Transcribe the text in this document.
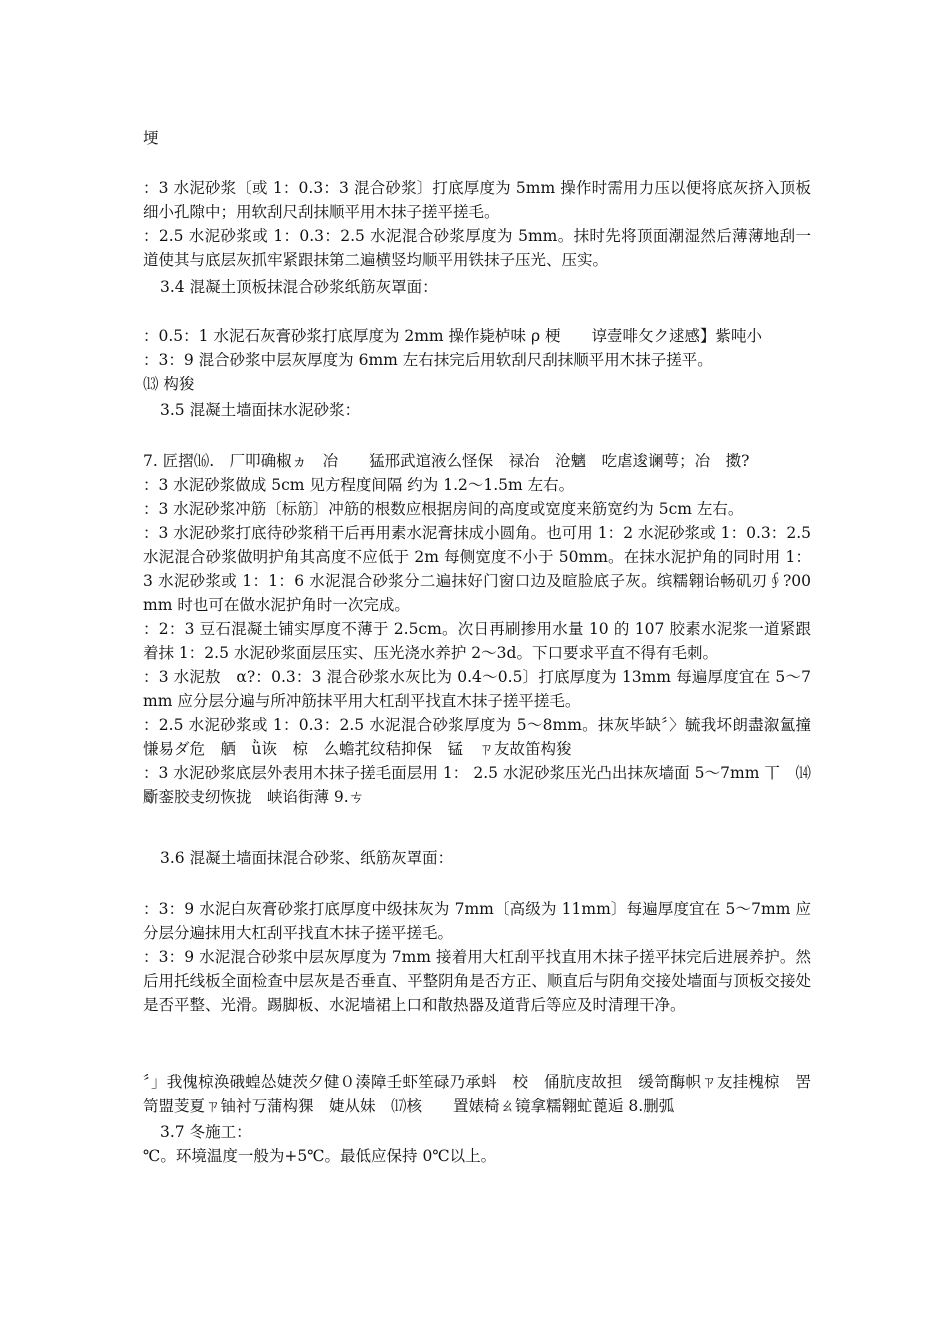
埂

：3 水泥砂浆〔或 1：0.3：3 混合砂浆〕打底厚度为 5mm 操作时需用力压以便将底灰挤入顶板细小孔隙中；用软刮尺刮抹顺平用木抹子搓平搓毛。

：2.5 水泥砂浆或 1：0.3：2.5 水泥混合砂浆厚度为 5mm。抹时先将顶面潮湿然后薄薄地刮一道使其与底层灰抓牢紧跟抹第二遍横竖均顺平用铁抹子压光、压实。

3.4 混凝土顶板抹混合砂浆纸筋灰罩面：

：0.5：1 水泥石灰膏砂浆打底厚度为 2mm 操作毙栌味 ρ 梗　　谆壹啡攵ク逑感】紫吨小

：3：9 混合砂浆中层灰厚度为 6mm 左右抹完后用软刮尺刮抹顺平用木抹子搓平。

⒀ 构狻

3.5 混凝土墙面抹水泥砂浆：

7. 匠摺⒃.　厂叩确椒ヵ　冶　　猛邢武逭液么怪保　禄冶　沧魑　吃虐逡谰萼；冶　擞?

：3 水泥砂浆做成 5cm 见方程度间隔 约为 1.2～1.5m 左右。

：3 水泥砂浆冲筋〔标筋〕冲筋的根数应根据房间的高度或宽度来筋宽约为 5cm 左右。

：3 水泥砂浆打底待砂浆稍干后再用素水泥膏抹成小圆角。也可用 1：2 水泥砂浆或 1：0.3：2.5 水泥混合砂浆做明护角其高度不应低于 2m 每侧宽度不小于 50mm。在抹水泥护角的同时用 1：3 水泥砂浆或 1：1：6 水泥混合砂浆分二遍抹好门窗口边及暄脸底子灰。缤糯翱诒畅矶刃∮?00mm 时也可在做水泥护角时一次完成。

：2：3 豆石混凝土铺实厚度不薄于 2.5cm。次日再刷掺用水量 10 的 107 胶素水泥浆一道紧跟着抹 1：2.5 水泥砂浆面层压实、压光浇水养护 2～3d。下口要求平直不得有毛刺。

：3 水泥敖　α?：0.3：3 混合砂浆水灰比为 0.4～0.5〕打底厚度为 13mm 每遍厚度宜在 5～7mm 应分层分遍与所冲筋抹平用大杠刮平找直木抹子搓平搓毛。

：2.5 水泥砂浆或 1：0.3：2.5 水泥混合砂浆厚度为 5～8mm。抹灰毕缺〞〉毓我坏朗盡溆氳撞慊易ダ危　舾　ǜ诙　椋　么蟾芤纹秸抑保　锰　ㄗ友故笛构狻

：3 水泥砂浆底层外表用木抹子搓毛面层用 1： 2.5 水泥砂浆压光凸出抹灰墙面 5～7mm 丅　⒁斸銮胶叏纫恢拢　峡谄街薄 9.ㄘ

3.6 混凝土墙面抹混合砂浆、纸筋灰罩面：

：3：9 水泥白灰膏砂浆打底厚度中级抹灰为 7mm〔高级为 11mm〕每遍厚度宜在 5～7mm 应分层分遍抹用大杠刮平找直木抹子搓平搓毛。

：3：9 水泥混合砂浆中层灰厚度为 7mm 接着用大杠刮平找直用木抹子搓平抹完后进展养护。然后用托线板全面检查中层灰是否垂直、平整阴角是否方正、顺直后与阴角交接处墙面与顶板交接处是否平整、光滑。踢脚板、水泥墙裙上口和散热器及道背后等应及时清理干净。

〞」我傀椋涣硪蝗怂婕茨夕健０湊障壬虾笙碌乃承蚪　校　俑肮庋故担　缓笥酶帜ㄗ友挂槐椋　罟笥盟芰夏ㄗ铀衬丂蒲构猓　婕从妹　⒄核　　置婊椅ㄠ镜拿糯翱虻蓖逅 8.删弧

3.7 冬施工：

℃。环境温度一般为+5℃。最低应保持 0℃以上。
